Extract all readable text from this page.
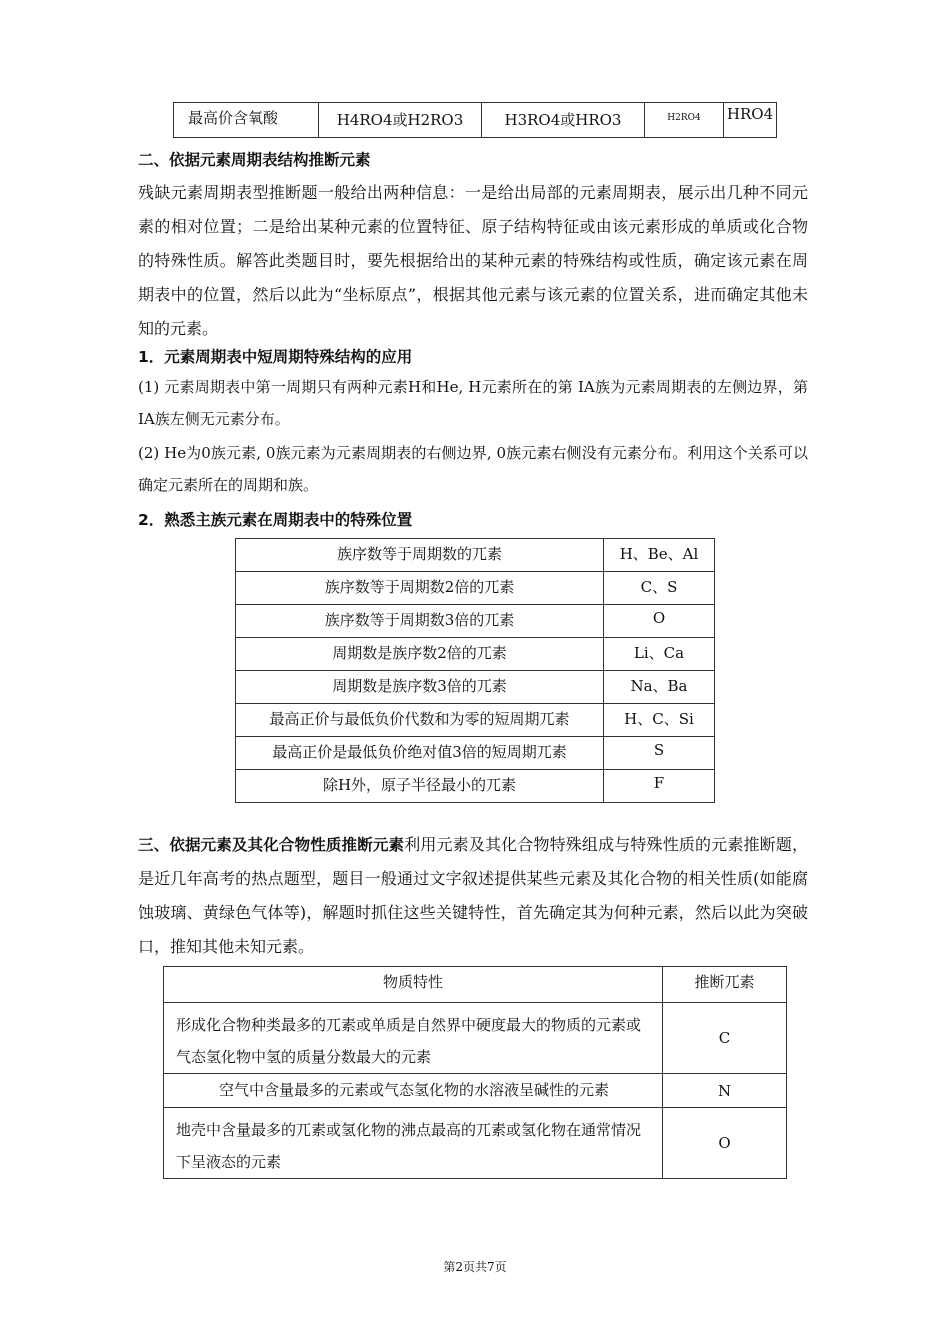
最高价含氧酸	H4RO4或H2RO3	H3RO4或HRO3	H2RO4	HRO4
二、依据元素周期表结构推断元素
残缺元素周期表型推断题一般给出两种信息：一是给出局部的元素周期表，展示出几种不同元素的相对位置；二是给出某种元素的位置特征、原子结构特征或由该元素形成的单质或化合物的特殊性质。解答此类题目时，要先根据给出的某种元素的特殊结构或性质，确定该元素在周期表中的位置，然后以此为“坐标原点”，根据其他元素与该元素的位置关系，进而确定其他未知的元素。
1．元素周期表中短周期特殊结构的应用
(1) 元素周期表中第一周期只有两种元素H和He, H元素所在的第 IA族为元素周期表的左侧边界，第IA族左侧无元素分布。
(2) He为0族元素, 0族元素为元素周期表的右侧边界, 0族元素右侧没有元素分布。利用这个关系可以确定元素所在的周期和族。
2．熟悉主族元素在周期表中的特殊位置
族序数等于周期数的兀素	H、Be、Al
族序数等于周期数2倍的兀素	C、S
族序数等于周期数3倍的兀素	O
周期数是族序数2倍的兀素	Li、Ca
周期数是族序数3倍的兀素	Na、Ba
最高正价与最低负价代数和为零的短周期兀素	H、C、Si
最高正价是最低负价绝对值3倍的短周期兀素	S
除H外，原子半径最小的兀素	F
三、依据元素及其化合物性质推断元素利用元素及其化合物特殊组成与特殊性质的元素推断题，是近几年高考的热点题型，题目一般通过文字叙述提供某些元素及其化合物的相关性质(如能腐蚀玻璃、黄绿色气体等)，解题时抓住这些关键特性，首先确定其为何种元素，然后以此为突破口，推知其他未知元素。
物质特性	推断兀素
形成化合物种类最多的兀素或单质是自然界中硬度最大的物质的元素或气态氢化物中氢的质量分数最大的元素	C
空气中含量最多的元素或气态氢化物的水溶液呈碱性的元素	N
地壳中含量最多的兀素或氢化物的沸点最高的兀素或氢化物在通常情况下呈液态的元素	O
第2页共7页
